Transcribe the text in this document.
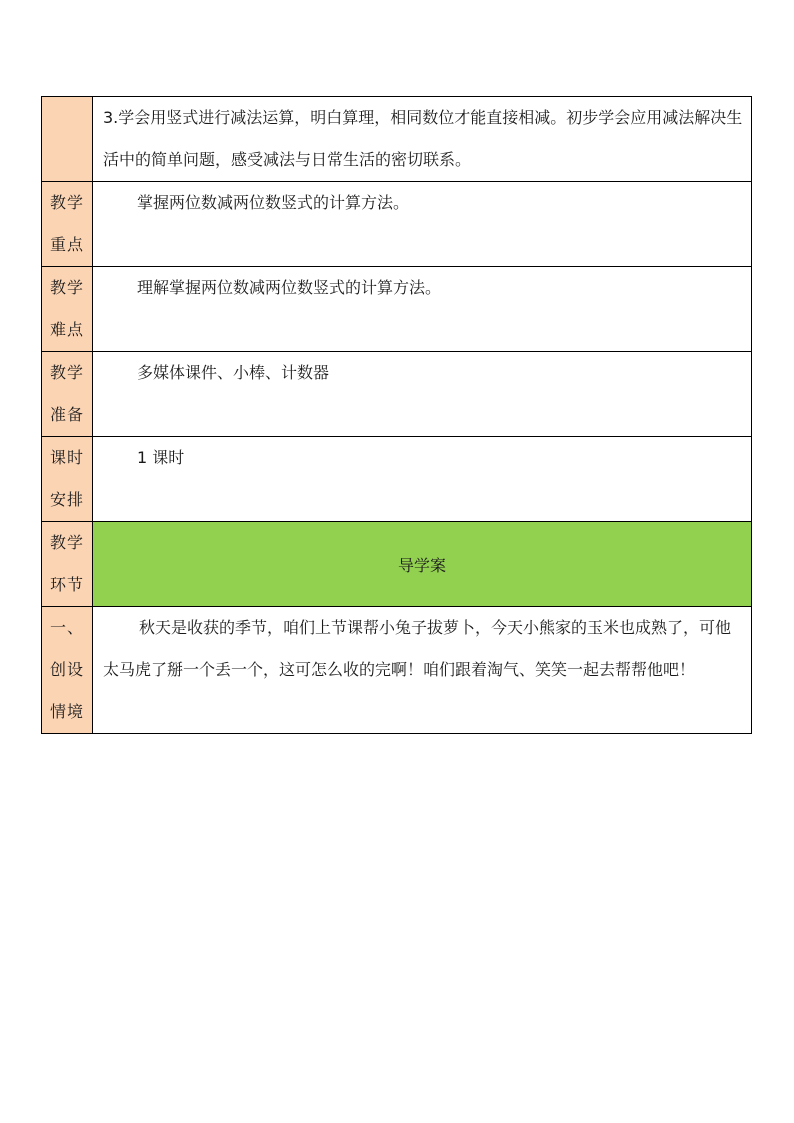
	3.学会用竖式进行减法运算，明白算理，相同数位才能直接相减。初步学会应用减法解决生活中的简单问题，感受减法与日常生活的密切联系。

教学
重点	掌握两位数减两位数竖式的计算方法。

教学
难点	理解掌握两位数减两位数竖式的计算方法。

教学
准备	多媒体课件、小棒、计数器

课时
安排	1 课时

教学
环节	导学案

一、
创设
情境	秋天是收获的季节，咱们上节课帮小兔子拔萝卜，今天小熊家的玉米也成熟了，可他太马虎了掰一个丢一个，这可怎么收的完啊！咱们跟着淘气、笑笑一起去帮帮他吧！
